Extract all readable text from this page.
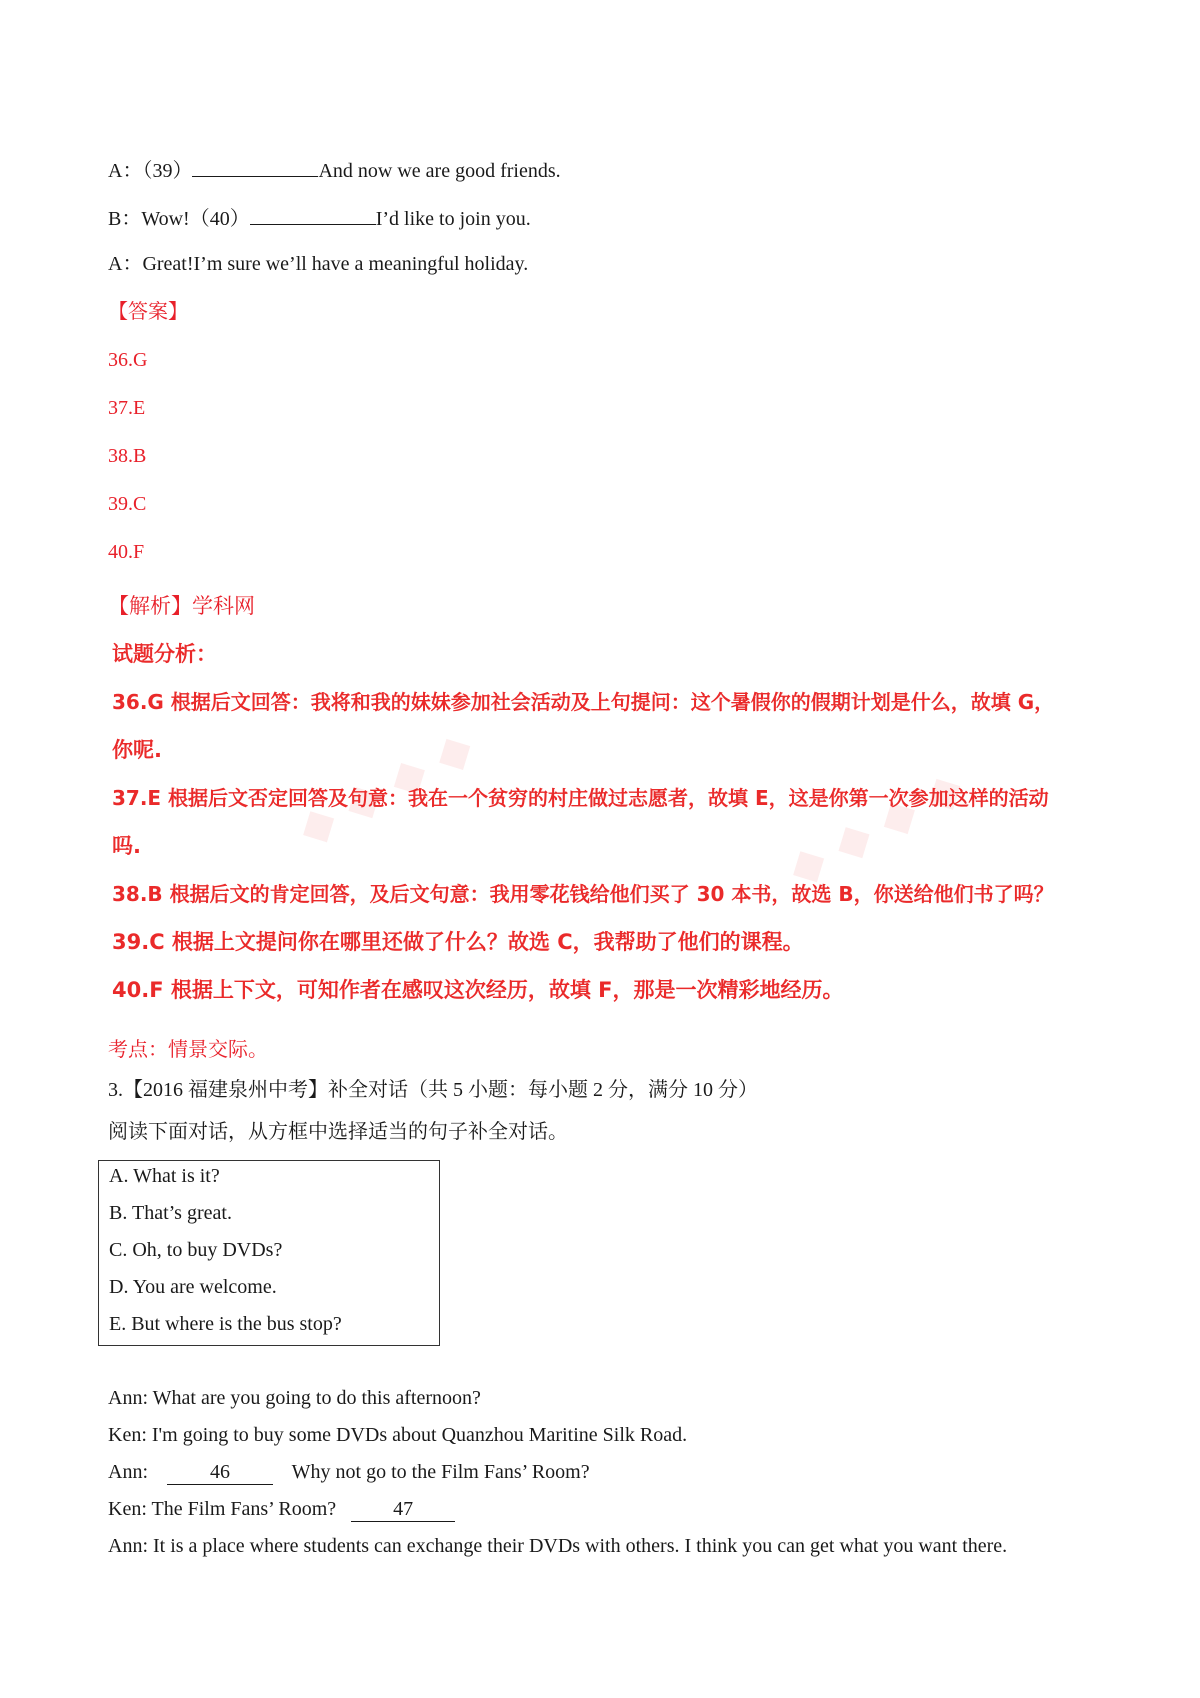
◆ ◆ ◆ ◆	◆ ◆ ◆ ◆
A：（39）	And now we are good friends.
B：Wow!（40）	I’d like to join you.
A：Great!I’m sure we’ll have a meaningful holiday.
【答案】
36.G
37.E
38.B
39.C
40.F
【解析】学科网
试题分析：
36.G 根据后文回答：我将和我的妹妹参加社会活动及上句提问：这个暑假你的假期计划是什么，故填 G，
你呢.
37.E 根据后文否定回答及句意：我在一个贫穷的村庄做过志愿者，故填 E，这是你第一次参加这样的活动
吗.
38.B 根据后文的肯定回答，及后文句意：我用零花钱给他们买了 30 本书，故选 B，你送给他们书了吗？
39.C 根据上文提问你在哪里还做了什么？故选 C，我帮助了他们的课程。
40.F 根据上下文，可知作者在感叹这次经历，故填 F，那是一次精彩地经历。
考点：情景交际。
3.【2016 福建泉州中考】补全对话（共 5 小题：每小题 2 分，满分 10 分）
阅读下面对话，从方框中选择适当的句子补全对话。
A. What is it?
B. That’s great.
C. Oh, to buy DVDs?
D. You are welcome.
E. But where is the bus stop?
Ann: What are you going to do this afternoon?
Ken: I'm going to buy some DVDs about Quanzhou Maritine Silk Road.
Ann:	46	Why not go to the Film Fans’ Room?
Ken: The Film Fans’ Room?	47
Ann: It is a place where students can exchange their DVDs with others. I think you can get what you want there.
